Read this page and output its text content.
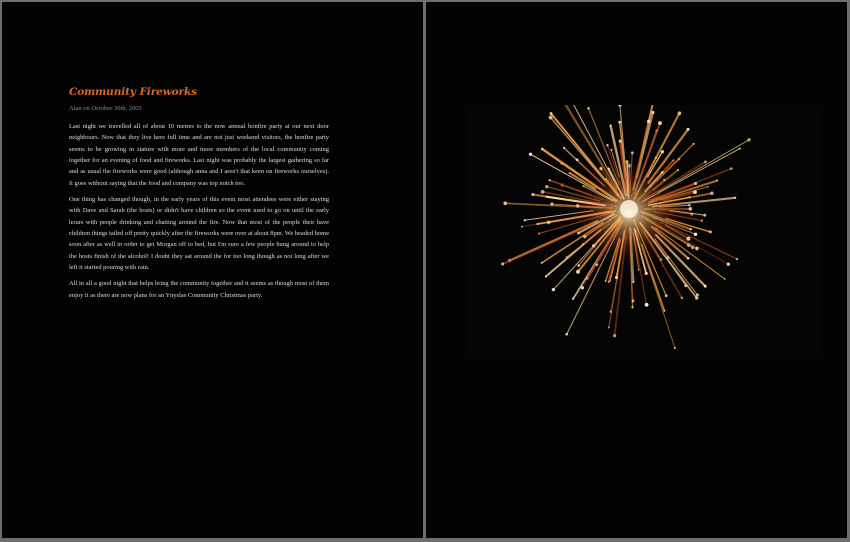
Community Fireworks
Alan on October 30th, 2005

Last night we travelled all of about 10 metres to the now annual bonfire party at our next door neighbours. Now that they live here full time and are not just weekend visitors, the bonfire party seems to be growing in stature with more and more members of the local community coming together for an evening of food and fireworks. Last night was probably the largest gathering so far and as usual the fireworks were good (although anna and I aren't that keen on fireworks ourselves). It goes without saying that the food and company was top notch too.

One thing has changed though, in the early years of this event most attendees were either staying with Dave and Sarah (the hosts) or didn't have children so the event used to go on until the early hours with people drinking and chatting around the fire. Now that most of the people their have children things tailed off pretty quickly after the fireworks were over at about 8pm. We headed home soon after as well in order to get Morgan off to bed, but I'm sure a few people hung around to help the hosts finish of the alcohol! I doubt they sat around the for too long though as not long after we left it started pouring with rain.

All in all a good night that helps bring the community together and it seems as though most of them enjoy it as there are now plans for an Ynyslas Community Christmas party.
